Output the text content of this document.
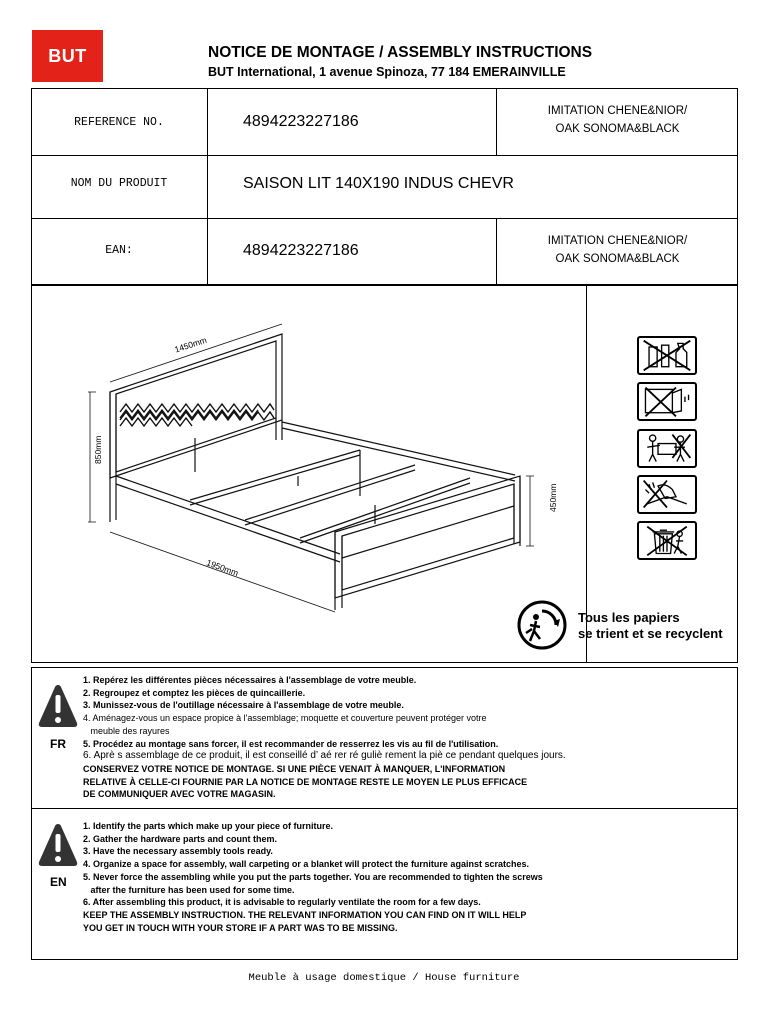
BUT	NOTICE DE MONTAGE / ASSEMBLY INSTRUCTIONS
BUT International, 1 avenue Spinoza, 77 184 EMERAINVILLE
REFERENCE NO.	4894223227186
IMITATION CHENE&NIOR/
OAK SONOMA&BLACK
NOM DU PRODUIT	SAISON LIT 140X190 INDUS CHEVR
EAN:	4894223227186
IMITATION CHENE&NIOR/
OAK SONOMA&BLACK
1450mm
850mm
1950mm
450mm
Tous les papiers
se trient et se recyclent
FR
1. Repérez les différentes pièces nécessaires à l'assemblage de votre meuble.
2. Regroupez et comptez les pièces de quincaillerie.
3. Munissez-vous de l'outillage nécessaire à l'assemblage de votre meuble.
4. Aménagez-vous un espace propice à l'assemblage; moquette et couverture peuvent protéger votre
meuble des rayures
5. Procédez au montage sans forcer, il est recommander de resserrez les vis au fil de l'utilisation.
6. Aprè s assemblage de ce produit, il est conseillé d’ aé rer ré guliè rement la piè ce pendant quelques jours.
CONSERVEZ VOTRE NOTICE DE MONTAGE. SI UNE PIÈCE VENAIT À MANQUER, L'INFORMATION
RELATIVE À CELLE-CI FOURNIE PAR LA NOTICE DE MONTAGE RESTE LE MOYEN LE PLUS EFFICACE
DE COMMUNIQUER AVEC VOTRE MAGASIN.
EN
1. Identify the parts which make up your piece of furniture.
2. Gather the hardware parts and count them.
3. Have the necessary assembly tools ready.
4. Organize a space for assembly, wall carpeting or a blanket will protect the furniture against scratches.
5. Never force the assembling while you put the parts together. You are recommended to tighten the screws
after the furniture has been used for some time.
6. After assembling this product, it is advisable to regularly ventilate the room for a few days.
KEEP THE ASSEMBLY INSTRUCTION. THE RELEVANT INFORMATION YOU CAN FIND ON IT WILL HELP
YOU GET IN TOUCH WITH YOUR STORE IF A PART WAS TO BE MISSING.
Meuble à usage domestique / House furniture
